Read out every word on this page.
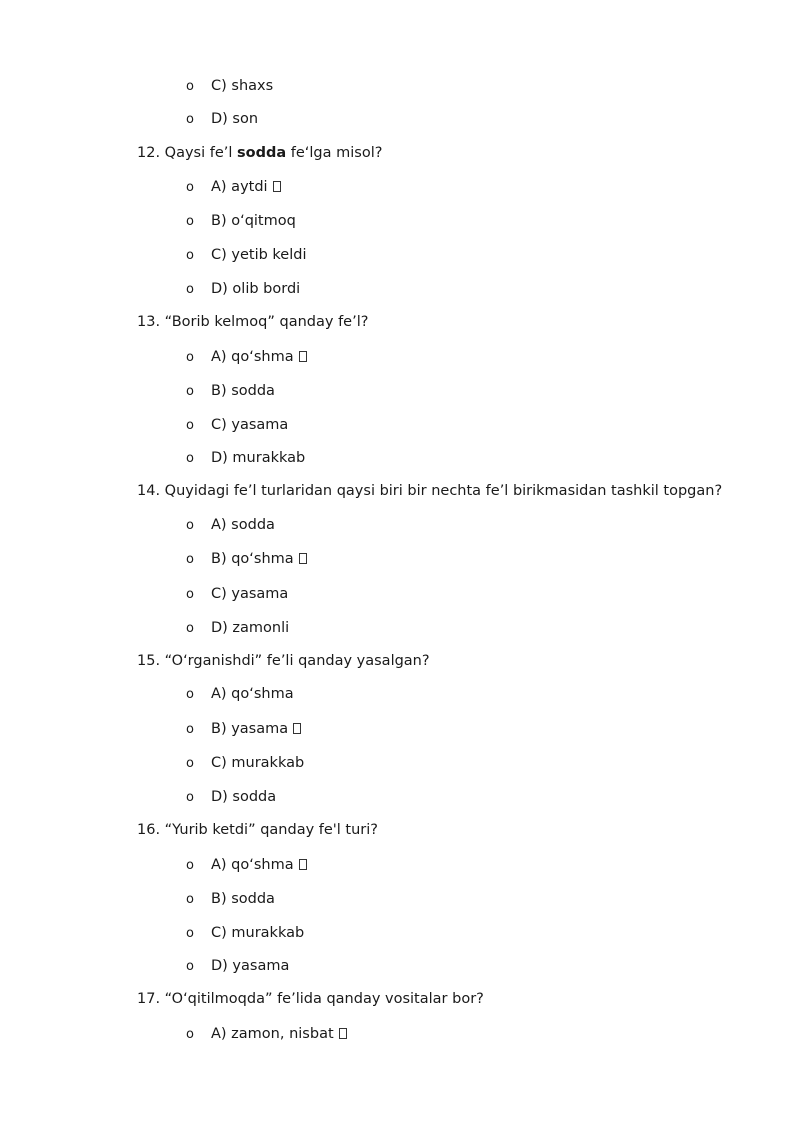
o C) shaxs
o D) son
12. Qaysi fe’l sodda fe‘lga misol?
o A) aytdi
o B) o‘qitmoq
o C) yetib keldi
o D) olib bordi
13. “Borib kelmoq” qanday fe’l?
o A) qo‘shma
o B) sodda
o C) yasama
o D) murakkab
14. Quyidagi fe’l turlaridan qaysi biri bir nechta fe’l birikmasidan tashkil topgan?
o A) sodda
o B) qo‘shma
o C) yasama
o D) zamonli
15. “O‘rganishdi” fe’li qanday yasalgan?
o A) qo‘shma
o B) yasama
o C) murakkab
o D) sodda
16. “Yurib ketdi” qanday fe'l turi?
o A) qo‘shma
o B) sodda
o C) murakkab
o D) yasama
17. “O‘qitilmoqda” fe’lida qanday vositalar bor?
o A) zamon, nisbat
